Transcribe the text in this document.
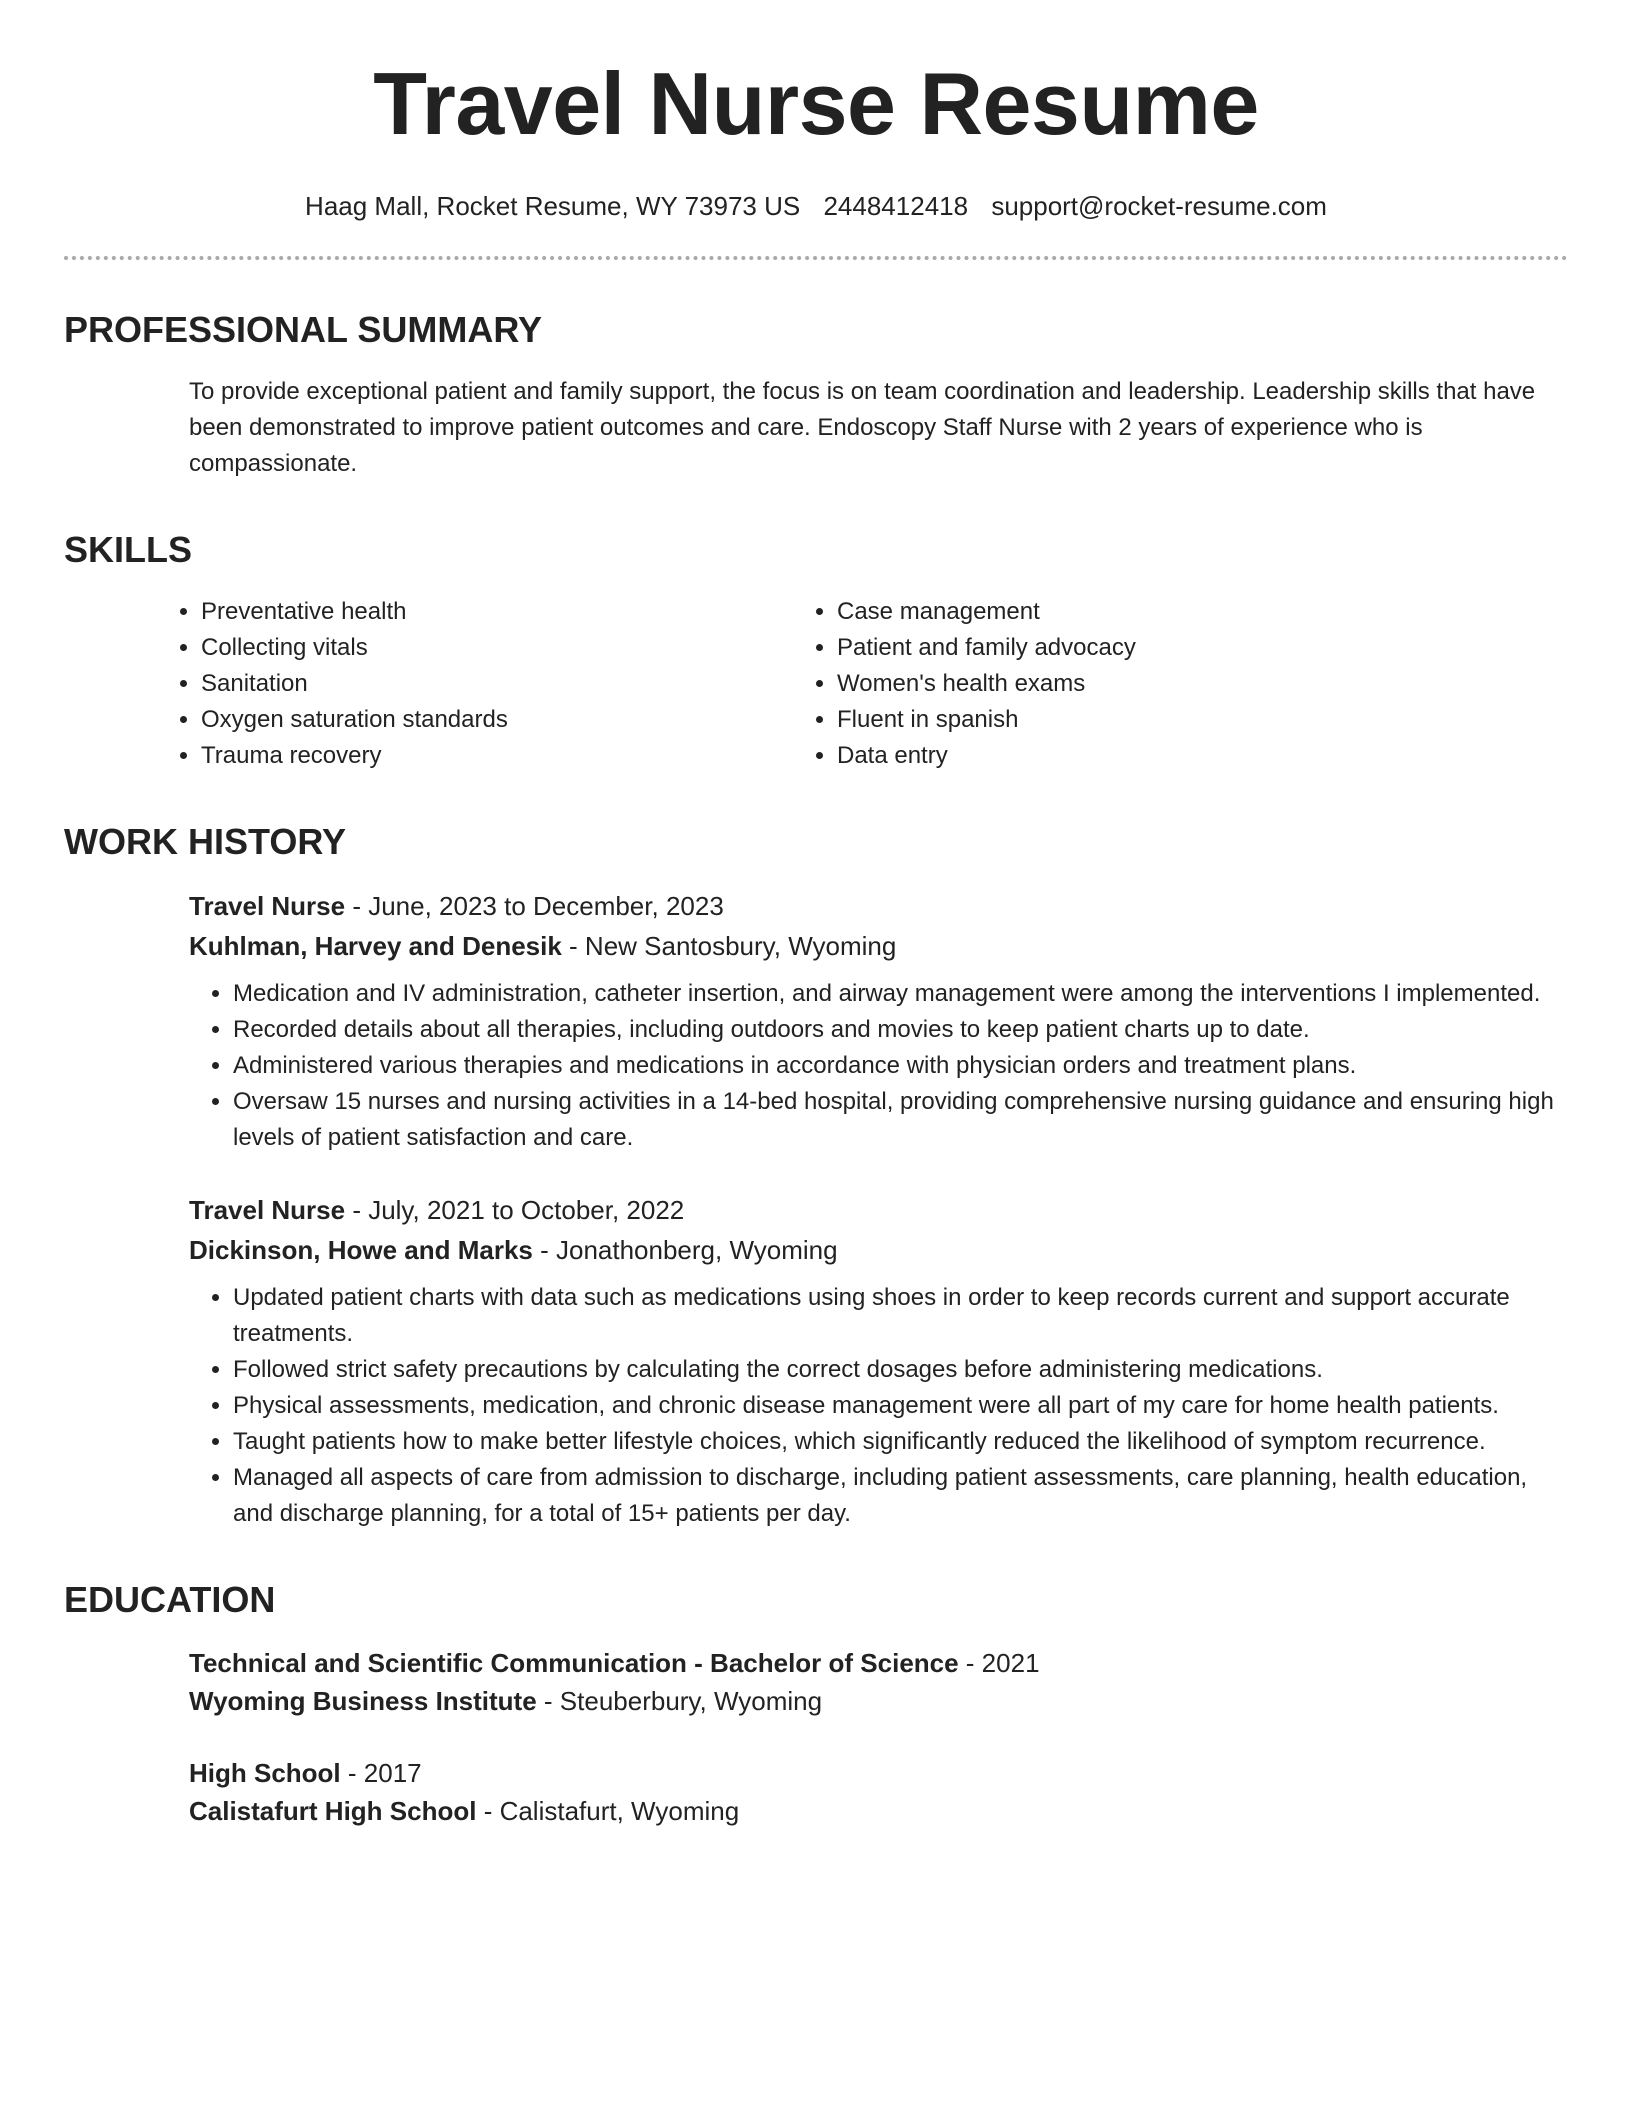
Travel Nurse Resume
Haag Mall, Rocket Resume, WY 73973 US 2448412418 support@rocket-resume.com
PROFESSIONAL SUMMARY

To provide exceptional patient and family support, the focus is on team coordination and leadership. Leadership skills that have been demonstrated to improve patient outcomes and care. Endoscopy Staff Nurse with 2 years of experience who is compassionate.

SKILLS
• Preventative health
• Collecting vitals
• Sanitation
• Oxygen saturation standards
• Trauma recovery
• Case management
• Patient and family advocacy
• Women's health exams
• Fluent in spanish
• Data entry
WORK HISTORY
Travel Nurse - June, 2023 to December, 2023
Kuhlman, Harvey and Denesik - New Santosbury, Wyoming
• Medication and IV administration, catheter insertion, and airway management were among the interventions I implemented.
• Recorded details about all therapies, including outdoors and movies to keep patient charts up to date.
• Administered various therapies and medications in accordance with physician orders and treatment plans.
• Oversaw 15 nurses and nursing activities in a 14-bed hospital, providing comprehensive nursing guidance and ensuring high levels of patient satisfaction and care.
Travel Nurse - July, 2021 to October, 2022
Dickinson, Howe and Marks - Jonathonberg, Wyoming
• Updated patient charts with data such as medications using shoes in order to keep records current and support accurate treatments.
• Followed strict safety precautions by calculating the correct dosages before administering medications.
• Physical assessments, medication, and chronic disease management were all part of my care for home health patients.
• Taught patients how to make better lifestyle choices, which significantly reduced the likelihood of symptom recurrence.
• Managed all aspects of care from admission to discharge, including patient assessments, care planning, health education, and discharge planning, for a total of 15+ patients per day.
EDUCATION
Technical and Scientific Communication - Bachelor of Science - 2021
Wyoming Business Institute - Steuberbury, Wyoming
High School - 2017
Calistafurt High School - Calistafurt, Wyoming
